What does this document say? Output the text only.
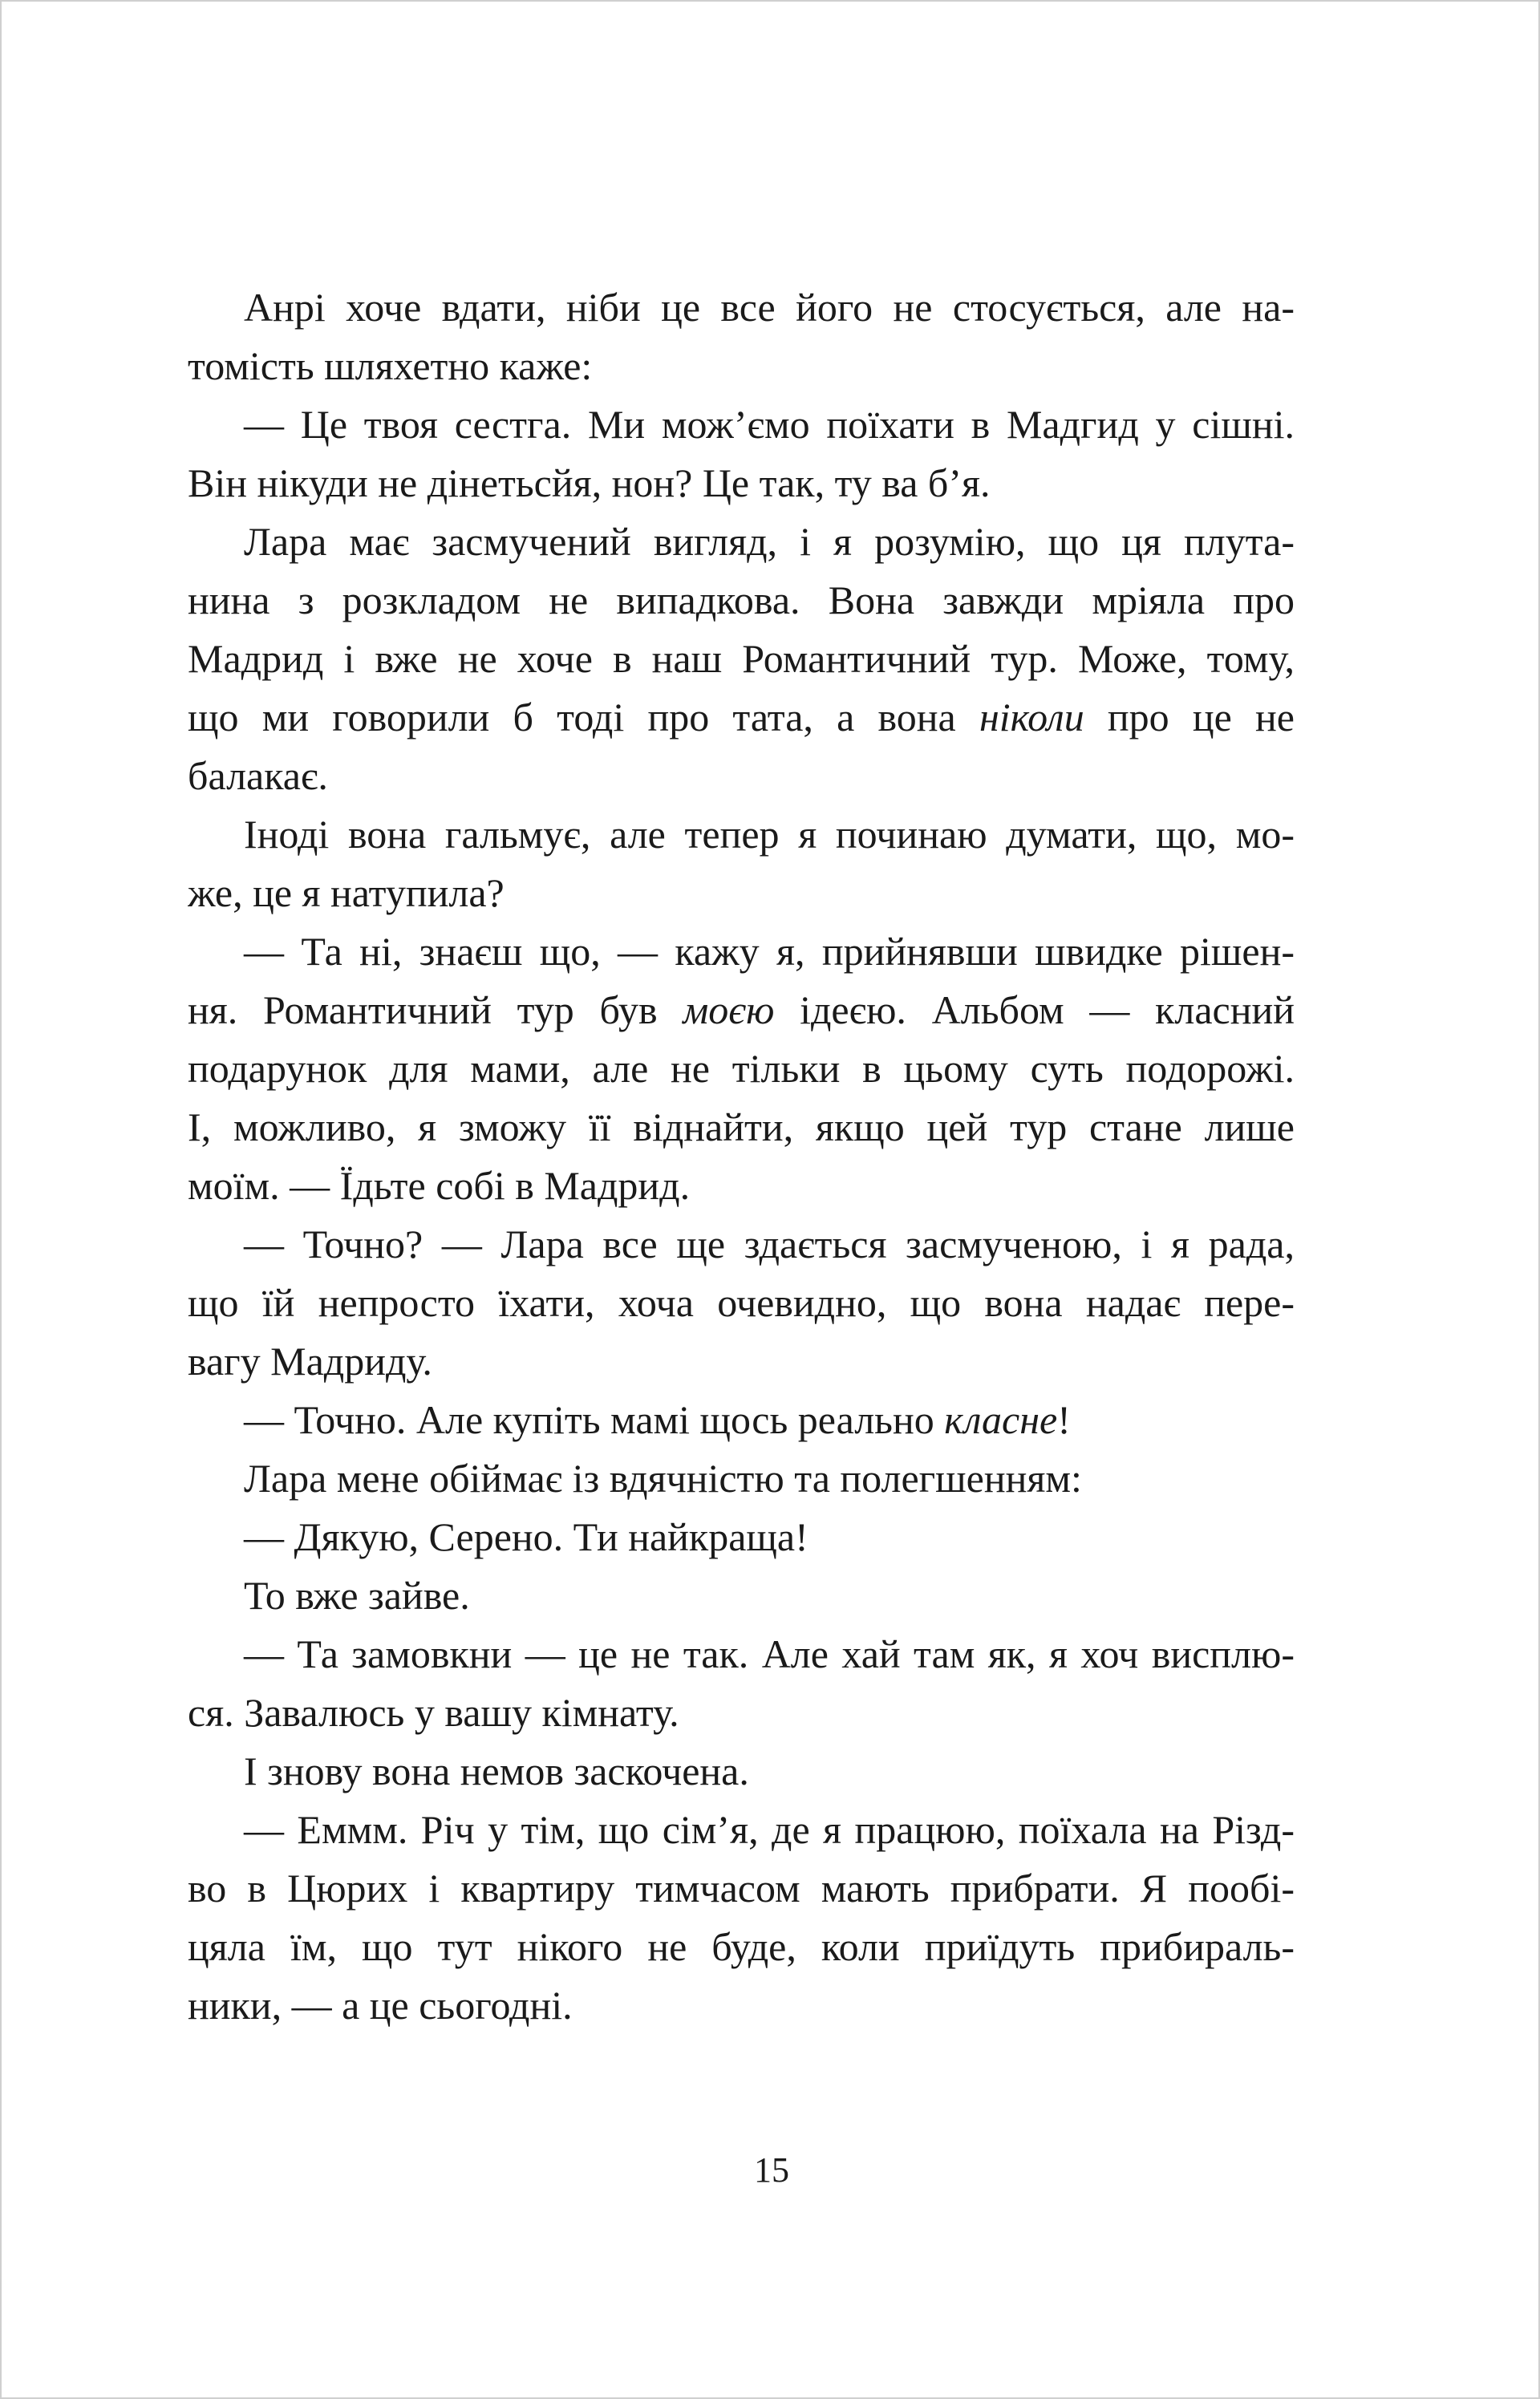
Анрі хоче вдати, ніби це все його не стосується, але на-

томість шляхетно каже:

— Це твоя сестга. Ми мож’ємо поїхати в Мадгид у сішні.

Він нікуди не дінетьсйя, нон? Це так, ту ва б’я.

Лара має засмучений вигляд, і я розумію, що ця плута-

нина з розкладом не випадкова. Вона завжди мріяла про

Мадрид і вже не хоче в наш Романтичний тур. Може, тому,

що ми говорили б тоді про тата, а вона ніколи про це не

балакає.

Іноді вона гальмує, але тепер я починаю думати, що, мо-

же, це я натупила?

— Та ні, знаєш що, — кажу я, прийнявши швидке рішен-

ня. Романтичний тур був моєю ідеєю. Альбом — класний

подарунок для мами, але не тільки в цьому суть подорожі.

І, можливо, я зможу її віднайти, якщо цей тур стане лише

моїм. — Їдьте собі в Мадрид.

— Точно? — Лара все ще здається засмученою, і я рада,

що їй непросто їхати, хоча очевидно, що вона надає пере-

вагу Мадриду.

— Точно. Але купіть мамі щось реально класне!

Лара мене обіймає із вдячністю та полегшенням:

— Дякую, Серено. Ти найкраща!

То вже зайве.

— Та замовкни — це не так. Але хай там як, я хоч висплю-

ся. Завалюсь у вашу кімнату.

І знову вона немов заскочена.

— Еммм. Річ у тім, що сім’я, де я працюю, поїхала на Різд-

во в Цюрих і квартиру тимчасом мають прибрати. Я пообі-

цяла їм, що тут нікого не буде, коли приїдуть прибираль-

ники, — а це сьогодні.

15
